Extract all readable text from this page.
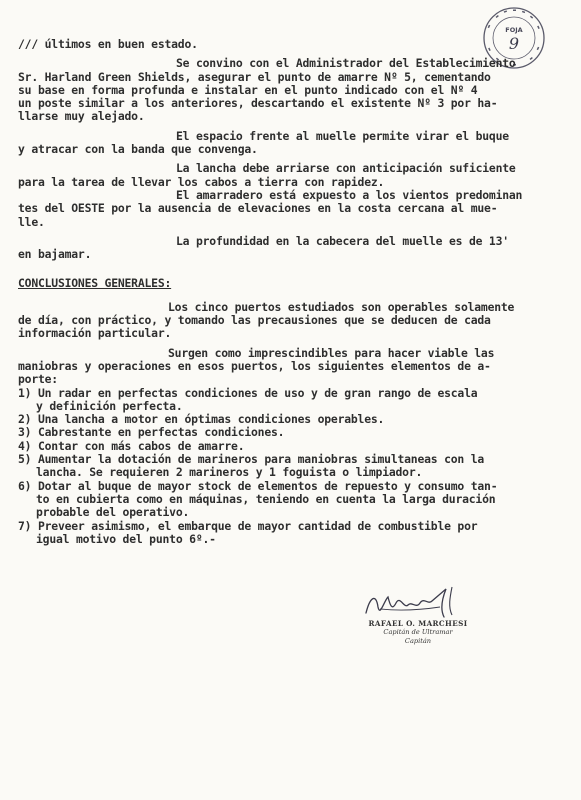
FOJA
9
/// últimos en buen estado.
Se convino con el Administrador del Establecimiento
Sr. Harland Green Shields, asegurar el punto de amarre Nº 5, cementando
su base en forma profunda e instalar en el punto indicado con el Nº 4
un poste similar a los anteriores, descartando el existente Nº 3 por ha-
llarse muy alejado.
El espacio frente al muelle permite virar el buque
y atracar con la banda que convenga.
La lancha debe arriarse con anticipación suficiente
para la tarea de llevar los cabos a tierra con rapidez.
El amarradero está expuesto a los vientos predominan
tes del OESTE por la ausencia de elevaciones en la costa cercana al mue-
lle.
La profundidad en la cabecera del muelle es de 13'
en bajamar.
CONCLUSIONES GENERALES:
Los cinco puertos estudiados son operables solamente
de día, con práctico, y tomando las precausiones que se deducen de cada
información particular.
Surgen como imprescindibles para hacer viable las
maniobras y operaciones en esos puertos, los siguientes elementos de a-
porte:
1) Un radar en perfectas condiciones de uso y de gran rango de escala
y definición perfecta.
2) Una lancha a motor en óptimas condiciones operables.
3) Cabrestante en perfectas condiciones.
4) Contar con más cabos de amarre.
5) Aumentar la dotación de marineros para maniobras simultaneas con la
lancha. Se requieren 2 marineros y 1 foguista o limpiador.
6) Dotar al buque de mayor stock de elementos de repuesto y consumo tan-
to en cubierta como en máquinas, teniendo en cuenta la larga duración
probable del operativo.
7) Preveer asimismo, el embarque de mayor cantidad de combustible por
igual motivo del punto 6º.-
RAFAEL O. MARCHESI
Capitán de Ultramar
Capitán
